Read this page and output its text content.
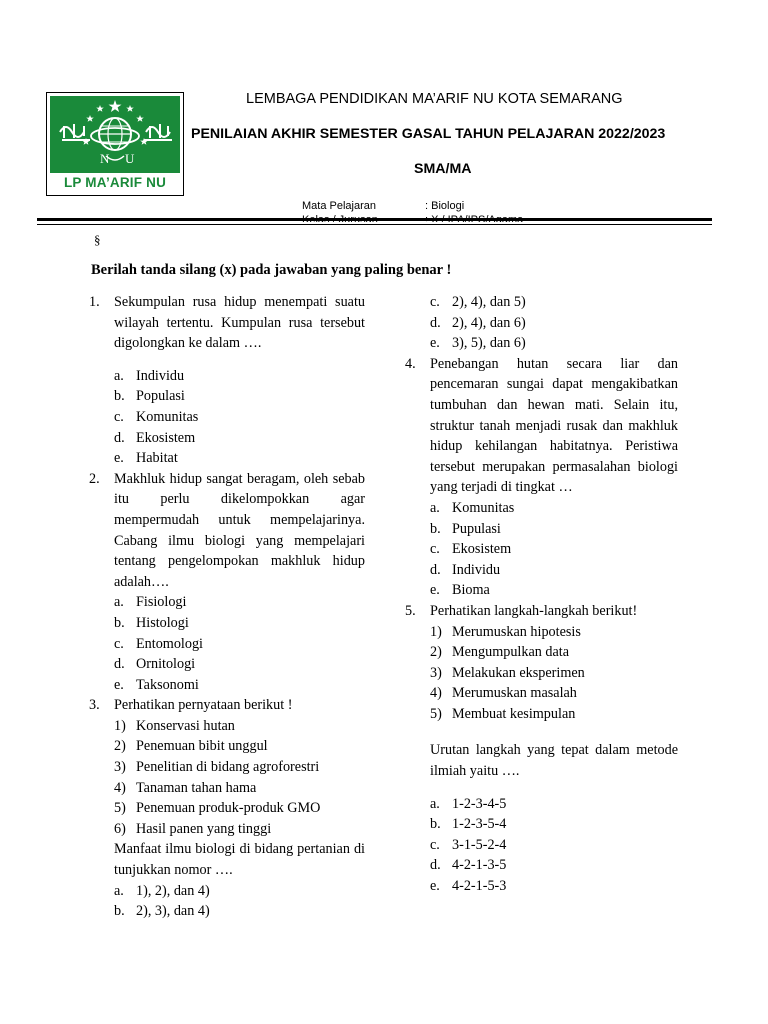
N U
LP MA’ARIF NU
LEMBAGA PENDIDIKAN MA’ARIF NU KOTA SEMARANG
PENILAIAN AKHIR SEMESTER GASAL TAHUN PELAJARAN 2022/2023
SMA/MA
Mata Pelajaran	: Biologi
§
Berilah tanda silang (x) pada jawaban yang paling benar !
1. Sekumpulan rusa hidup menempati suatu wilayah tertentu. Kumpulan rusa tersebut digolongkan ke dalam ….
a. Individu
b. Populasi
c. Komunitas
d. Ekosistem
e. Habitat
2. Makhluk hidup sangat beragam, oleh sebab itu perlu dikelompokkan agar mempermudah untuk mempelajarinya. Cabang ilmu biologi yang mempelajari tentang pengelompokan makhluk hidup adalah….
a. Fisiologi
b. Histologi
c. Entomologi
d. Ornitologi
e. Taksonomi
3. Perhatikan pernyataan berikut !
1) Konservasi hutan
2) Penemuan bibit unggul
3) Penelitian di bidang agroforestri
4) Tanaman tahan hama
5) Penemuan produk-produk GMO
6) Hasil panen yang tinggi
Manfaat ilmu biologi di bidang pertanian di tunjukkan nomor ….
a. 1), 2), dan 4)
b. 2), 3), dan 4)
c. 2), 4), dan 5)
d. 2), 4), dan 6)
e. 3), 5), dan 6)
4. Penebangan hutan secara liar dan pencemaran sungai dapat mengakibatkan tumbuhan dan hewan mati. Selain itu, struktur tanah menjadi rusak dan makhluk hidup kehilangan habitatnya. Peristiwa tersebut merupakan permasalahan biologi yang terjadi di tingkat …
a. Komunitas
b. Pupulasi
c. Ekosistem
d. Individu
e. Bioma
5. Perhatikan langkah-langkah berikut!
1) Merumuskan hipotesis
2) Mengumpulkan data
3) Melakukan eksperimen
4) Merumuskan masalah
5) Membuat kesimpulan
Urutan langkah yang tepat dalam metode ilmiah yaitu ….
a. 1-2-3-4-5
b. 1-2-3-5-4
c. 3-1-5-2-4
d. 4-2-1-3-5
e. 4-2-1-5-3
